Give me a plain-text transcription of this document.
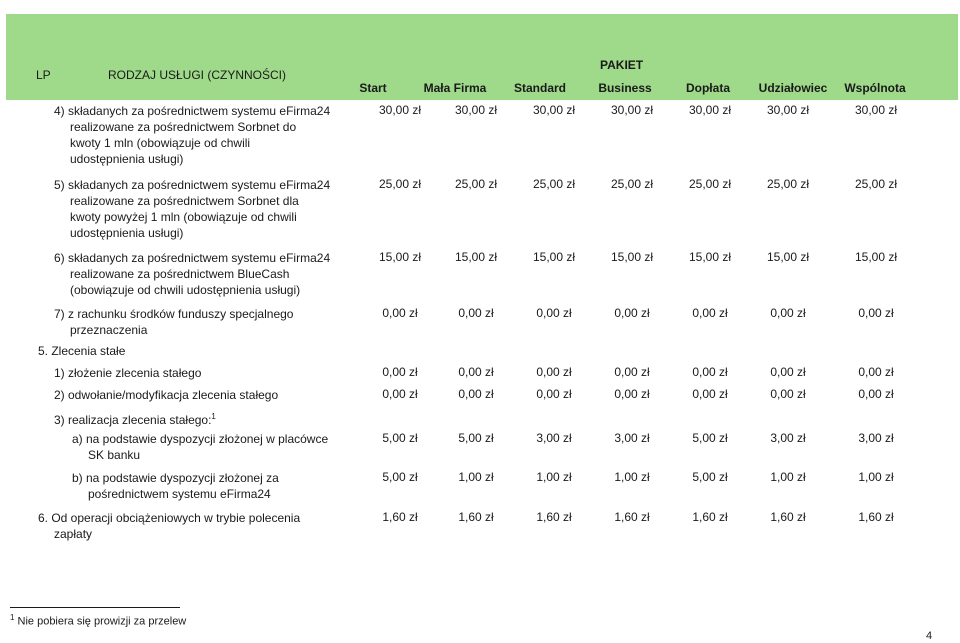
LP	RODZAJ USŁUGI (CZYNNOŚCI)
PAKIET
Start	Mała Firma	Standard	Business	Dopłata	Udziałowiec	Wspólnota
4) składanych za pośrednictwem systemu eFirma24
realizowane za pośrednictwem Sorbnet do
kwoty 1 mln (obowiązuje od chwili
udostępnienia usługi)
30,00 zł	30,00 zł	30,00 zł	30,00 zł	30,00 zł	30,00 zł	30,00 zł
5) składanych za pośrednictwem systemu eFirma24
realizowane za pośrednictwem Sorbnet dla
kwoty powyżej 1 mln (obowiązuje od chwili
udostępnienia usługi)
25,00 zł	25,00 zł	25,00 zł	25,00 zł	25,00 zł	25,00 zł	25,00 zł
6) składanych za pośrednictwem systemu eFirma24
realizowane za pośrednictwem BlueCash
(obowiązuje od chwili udostępnienia usługi)
15,00 zł	15,00 zł	15,00 zł	15,00 zł	15,00 zł	15,00 zł	15,00 zł
7) z rachunku środków funduszy specjalnego
przeznaczenia
0,00 zł	0,00 zł	0,00 zł	0,00 zł	0,00 zł	0,00 zł	0,00 zł
5. Zlecenia stałe
1) złożenie zlecenia stałego	0,00 zł	0,00 zł	0,00 zł	0,00 zł	0,00 zł	0,00 zł	0,00 zł
2) odwołanie/modyfikacja zlecenia stałego	0,00 zł	0,00 zł	0,00 zł	0,00 zł	0,00 zł	0,00 zł	0,00 zł
3) realizacja zlecenia stałego:$^1$
a) na podstawie dyspozycji złożonej w placówce
SK banku
5,00 zł	5,00 zł	3,00 zł	3,00 zł	5,00 zł	3,00 zł	3,00 zł
b) na podstawie dyspozycji złożonej za
pośrednictwem systemu eFirma24
5,00 zł	1,00 zł	1,00 zł	1,00 zł	5,00 zł	1,00 zł	1,00 zł
6. Od operacji obciążeniowych w trybie polecenia
zapłaty
1,60 zł	1,60 zł	1,60 zł	1,60 zł	1,60 zł	1,60 zł	1,60 zł
$^1$ Nie pobiera się prowizji za przelew
4
